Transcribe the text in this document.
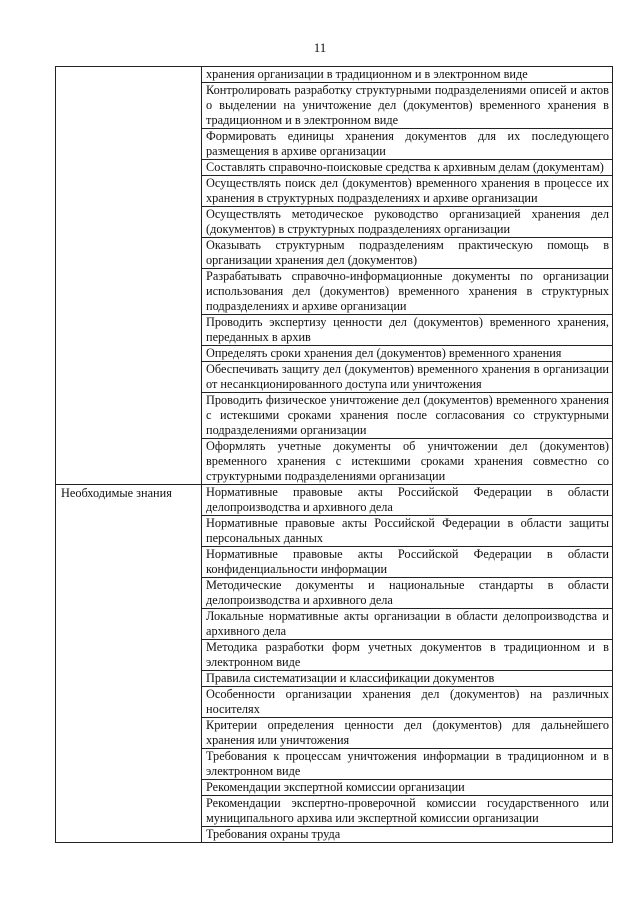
11
	хранения организации в традиционном и в электронном виде
	Контролировать разработку структурными подразделениями описей и актов о выделении на уничтожение дел (документов) временного хранения в традиционном и в электронном виде
	Формировать единицы хранения документов для их последующего размещения в архиве организации
	Составлять справочно-поисковые средства к архивным делам (документам)
	Осуществлять поиск дел (документов) временного хранения в процессе их хранения в структурных подразделениях и архиве организации
	Осуществлять методическое руководство организацией хранения дел (документов) в структурных подразделениях организации
	Оказывать структурным подразделениям практическую помощь в организации хранения дел (документов)
	Разрабатывать справочно-информационные документы по организации использования дел (документов) временного хранения в структурных подразделениях и архиве организации
	Проводить экспертизу ценности дел (документов) временного хранения, переданных в архив
	Определять сроки хранения дел (документов) временного хранения
	Обеспечивать защиту дел (документов) временного хранения в организации от несанкционированного доступа или уничтожения
	Проводить физическое уничтожение дел (документов) временного хранения с истекшими сроками хранения после согласования со структурными подразделениями организации
	Оформлять учетные документы об уничтожении дел (документов) временного хранения с истекшими сроками хранения совместно со структурными подразделениями организации
Необходимые знания	Нормативные правовые акты Российской Федерации в области делопроизводства и архивного дела
	Нормативные правовые акты Российской Федерации в области защиты персональных данных
	Нормативные правовые акты Российской Федерации в области конфиденциальности информации
	Методические документы и национальные стандарты в области делопроизводства и архивного дела
	Локальные нормативные акты организации в области делопроизводства и архивного дела
	Методика разработки форм учетных документов в традиционном и в электронном виде
	Правила систематизации и классификации документов
	Особенности организации хранения дел (документов) на различных носителях
	Критерии определения ценности дел (документов) для дальнейшего хранения или уничтожения
	Требования к процессам уничтожения информации в традиционном и в электронном виде
	Рекомендации экспертной комиссии организации
	Рекомендации экспертно-проверочной комиссии государственного или муниципального архива или экспертной комиссии организации
	Требования охраны труда
